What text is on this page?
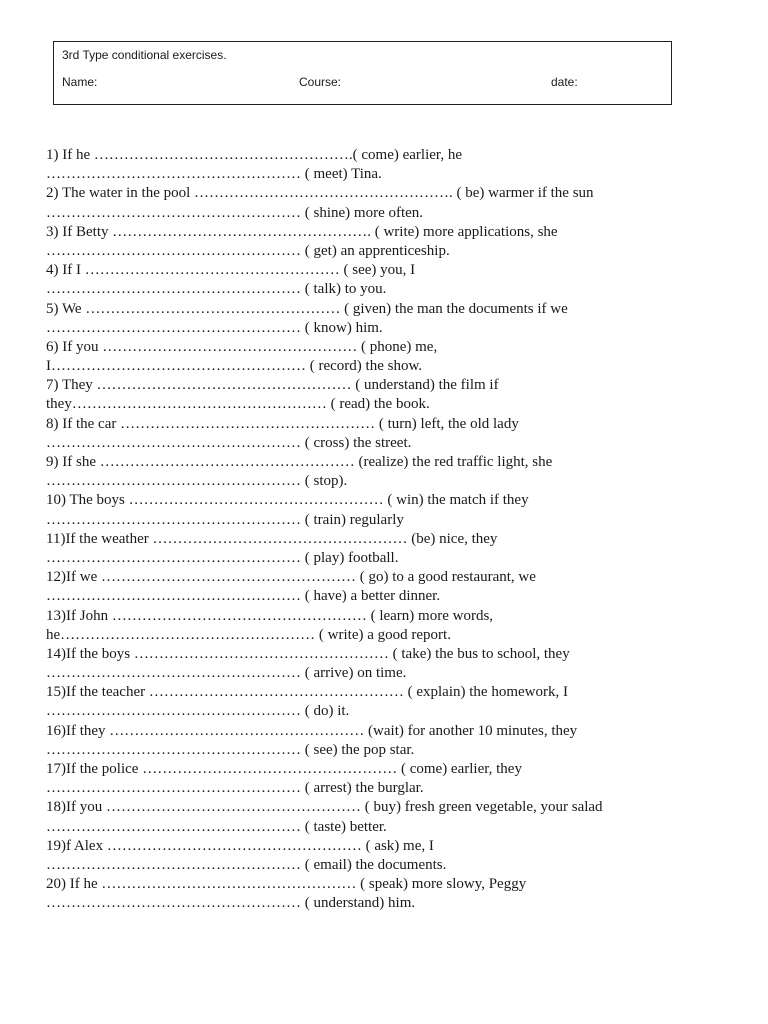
3rd Type conditional exercises.
Name:	Course:	date:
1) If he …………………………………………….( come) earlier, he
…………………………………………… ( meet) Tina.
2) The water in the pool ……………………………………………. ( be) warmer if the sun
…………………………………………… ( shine) more often.
3) If Betty ……………………………………………. ( write) more applications, she
…………………………………………… ( get) an apprenticeship.
4) If I …………………………………………… ( see) you, I
…………………………………………… ( talk) to you.
5) We …………………………………………… ( given) the man the documents if we
…………………………………………… ( know) him.
6) If you …………………………………………… ( phone) me,
I…………………………………………… ( record) the show.
7) They …………………………………………… ( understand) the film if
they…………………………………………… ( read) the book.
8) If the car …………………………………………… ( turn) left, the old lady
…………………………………………… ( cross) the street.
9) If she …………………………………………… (realize) the red traffic light, she
…………………………………………… ( stop).
10) The boys …………………………………………… ( win) the match if they
…………………………………………… ( train) regularly
11)If the weather …………………………………………… (be) nice, they
…………………………………………… ( play) football.
12)If we …………………………………………… ( go) to a good restaurant, we
…………………………………………… ( have) a better dinner.
13)If John …………………………………………… ( learn) more words,
he…………………………………………… ( write) a good report.
14)If the boys …………………………………………… ( take) the bus to school, they
…………………………………………… ( arrive) on time.
15)If the teacher …………………………………………… ( explain) the homework, I
…………………………………………… ( do) it.
16)If they …………………………………………… (wait) for another 10 minutes, they
…………………………………………… ( see) the pop star.
17)If the police …………………………………………… ( come) earlier, they
…………………………………………… ( arrest) the burglar.
18)If you …………………………………………… ( buy) fresh green vegetable, your salad
…………………………………………… ( taste) better.
19)f Alex …………………………………………… ( ask) me, I
…………………………………………… ( email) the documents.
20) If he …………………………………………… ( speak) more slowy, Peggy
…………………………………………… ( understand) him.
